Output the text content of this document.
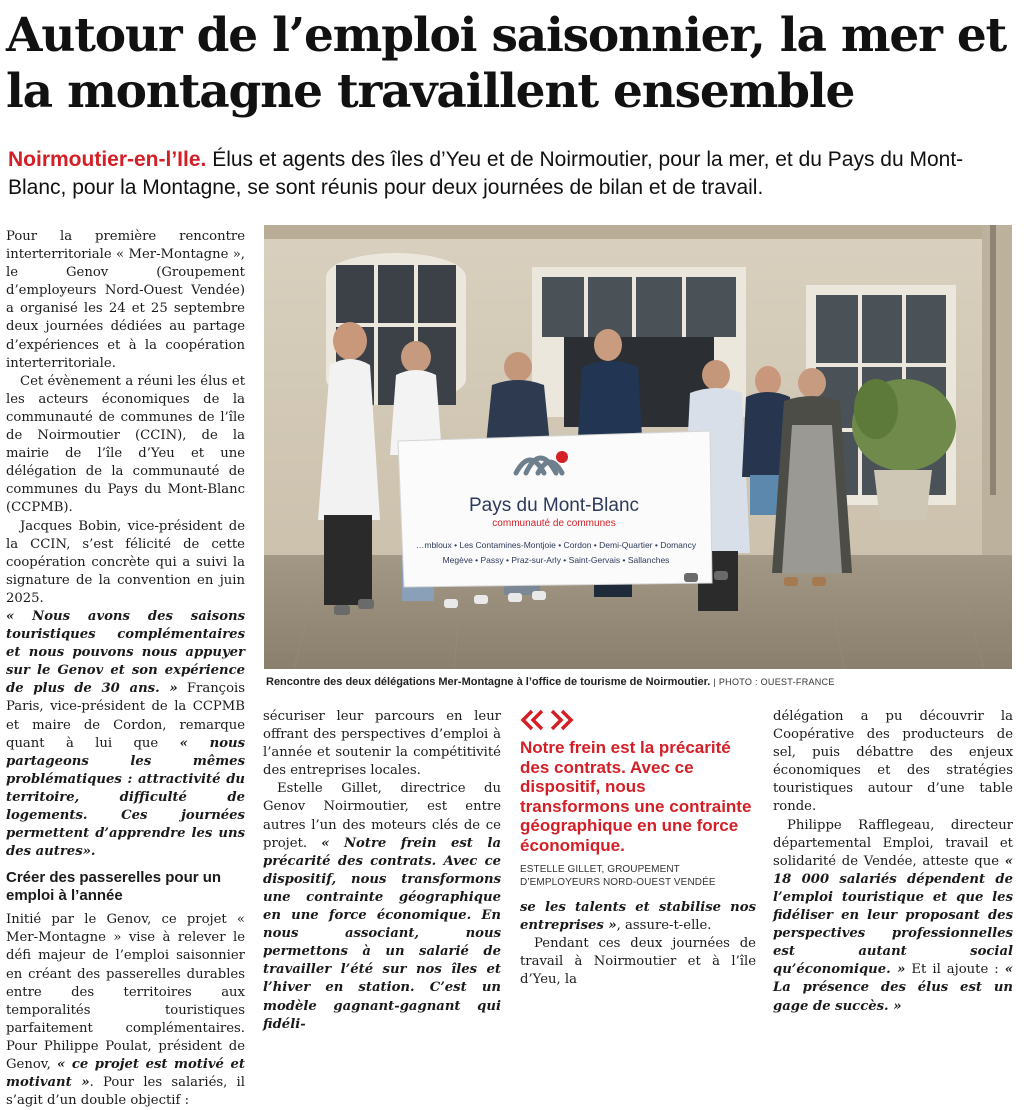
Autour de l’emploi saisonnier, la mer et la montagne travaillent ensemble

Noirmoutier-en-l’Ile. Élus et agents des îles d’Yeu et de Noirmoutier, pour la mer, et du Pays du Mont-Blanc, pour la Montagne, se sont réunis pour deux journées de bilan et de travail.

Pour la première rencontre interterritoriale « Mer-Montagne », le Genov (Groupement d’employeurs Nord-Ouest Vendée) a organisé les 24 et 25 septembre deux journées dédiées au partage d’expériences et à la coopération interterritoriale.

Cet évènement a réuni les élus et les acteurs économiques de la communauté de communes de l’île de Noirmoutier (CCIN), de la mairie de l’île d’Yeu et une délégation de la communauté de communes du Pays du Mont-Blanc (CCPMB).

Jacques Bobin, vice-président de la CCIN, s’est félicité de cette coopération concrète qui a suivi la signature de la convention en juin 2025.

« Nous avons des saisons touristiques complémentaires et nous pouvons nous appuyer sur le Genov et son expérience de plus de 30 ans. » François Paris, vice-président de la CCPMB et maire de Cordon, remarque quant à lui que « nous partageons les mêmes problématiques : attractivité du territoire, difficulté de logements. Ces journées permettent d’apprendre les uns des autres».

Créer des passerelles pour un emploi à l’année

Initié par le Genov, ce projet « Mer-Montagne » vise à relever le défi majeur de l’emploi saisonnier en créant des passerelles durables entre des territoires aux temporalités touristiques parfaitement complémentaires. Pour Philippe Poulat, président de Genov, « ce projet est motivé et motivant ». Pour les salariés, il s’agit d’un double objectif :

Pays du Mont-Blanc
communauté de communes
…mbloux • Les Contamines-Montjoie • Cordon • Demi-Quartier • Domancy
Megève • Passy • Praz-sur-Arly • Saint-Gervais • Sallanches

Rencontre des deux délégations Mer-Montagne à l’office de tourisme de Noirmoutier. | PHOTO : OUEST-FRANCE

sécuriser leur parcours en leur offrant des perspectives d’emploi à l’année et soutenir la compétitivité des entreprises locales.

Estelle Gillet, directrice du Genov Noirmoutier, est entre autres l’un des moteurs clés de ce projet. « Notre frein est la précarité des contrats. Avec ce dispositif, nous transformons une contrainte géographique en une force économique. En nous associant, nous permettons à un salarié de travailler l’été sur nos îles et l’hiver en station. C’est un modèle gagnant-gagnant qui fidéli-

Notre frein est la précarité des contrats. Avec ce dispositif, nous transformons une contrainte géographique en une force économique.

ESTELLE GILLET, GROUPEMENT D’EMPLOYEURS NORD-OUEST VENDÉE

se les talents et stabilise nos entreprises », assure-t-elle.

Pendant ces deux journées de travail à Noirmoutier et à l’île d’Yeu, la

délégation a pu découvrir la Coopérative des producteurs de sel, puis débattre des enjeux économiques et des stratégies touristiques autour d’une table ronde.

Philippe Rafflegeau, directeur départemental Emploi, travail et solidarité de Vendée, atteste que « 18 000 salariés dépendent de l’emploi touristique et que les fidéliser en leur proposant des perspectives professionnelles est autant social qu’économique. » Et il ajoute : « La présence des élus est un gage de succès. »
